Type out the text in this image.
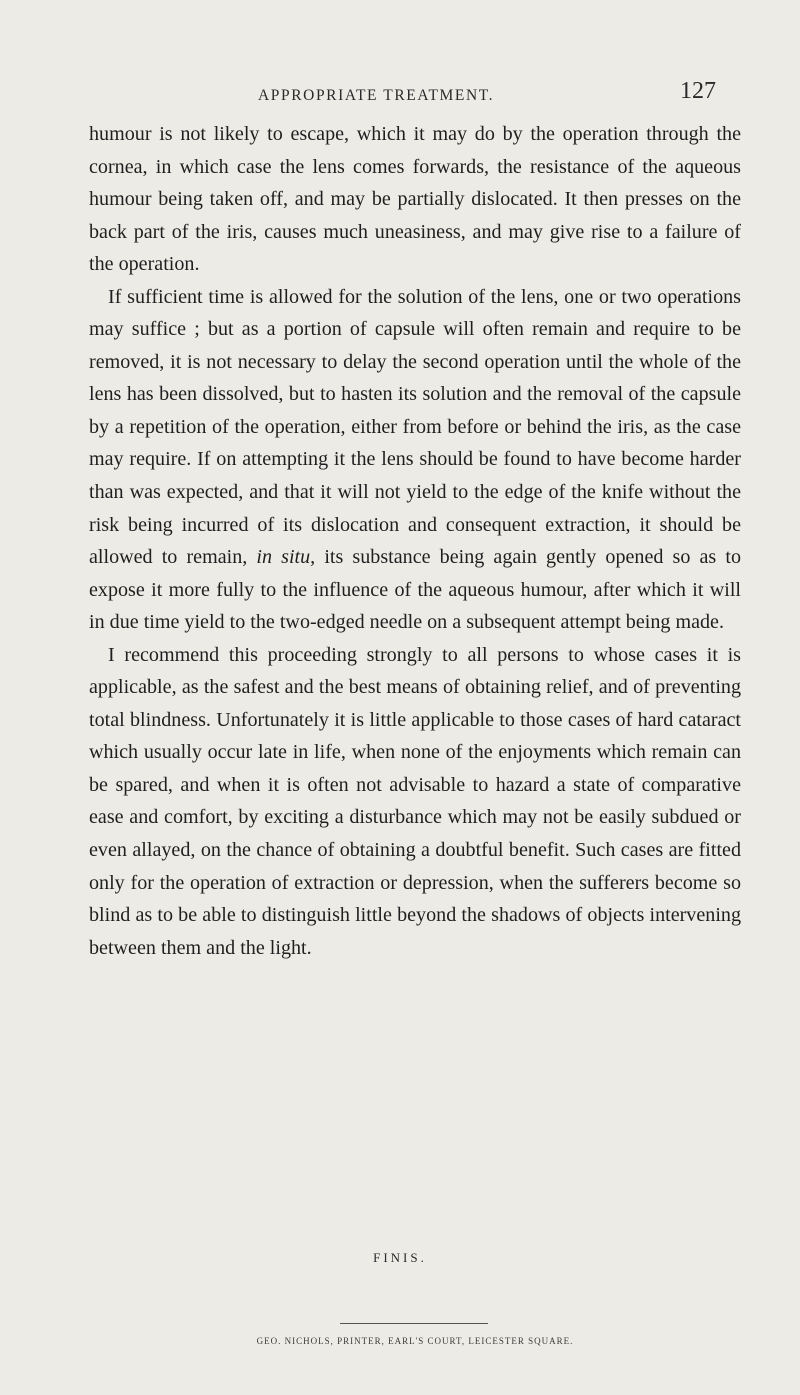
APPROPRIATE TREATMENT.	127

humour is not likely to escape, which it may do by the operation through the cornea, in which case the lens comes forwards, the resistance of the aqueous humour being taken off, and may be partially dislocated. It then presses on the back part of the iris, causes much uneasiness, and may give rise to a failure of the operation.

If sufficient time is allowed for the solution of the lens, one or two operations may suffice ; but as a portion of capsule will often remain and require to be removed, it is not necessary to delay the second operation until the whole of the lens has been dissolved, but to hasten its solution and the removal of the capsule by a repetition of the operation, either from before or behind the iris, as the case may require. If on attempting it the lens should be found to have become harder than was expected, and that it will not yield to the edge of the knife without the risk being incurred of its dislocation and consequent extraction, it should be allowed to remain, in situ, its substance being again gently opened so as to expose it more fully to the influence of the aqueous humour, after which it will in due time yield to the two-edged needle on a subsequent attempt being made.

I recommend this proceeding strongly to all persons to whose cases it is applicable, as the safest and the best means of obtaining relief, and of preventing total blindness. Unfortunately it is little applicable to those cases of hard cataract which usually occur late in life, when none of the enjoyments which remain can be spared, and when it is often not advisable to hazard a state of comparative ease and comfort, by exciting a disturbance which may not be easily subdued or even allayed, on the chance of obtaining a doubtful benefit. Such cases are fitted only for the operation of extraction or depression, when the sufferers become so blind as to be able to distinguish little beyond the shadows of objects intervening between them and the light.

FINIS.
GEO. NICHOLS, PRINTER, EARL'S COURT, LEICESTER SQUARE.
